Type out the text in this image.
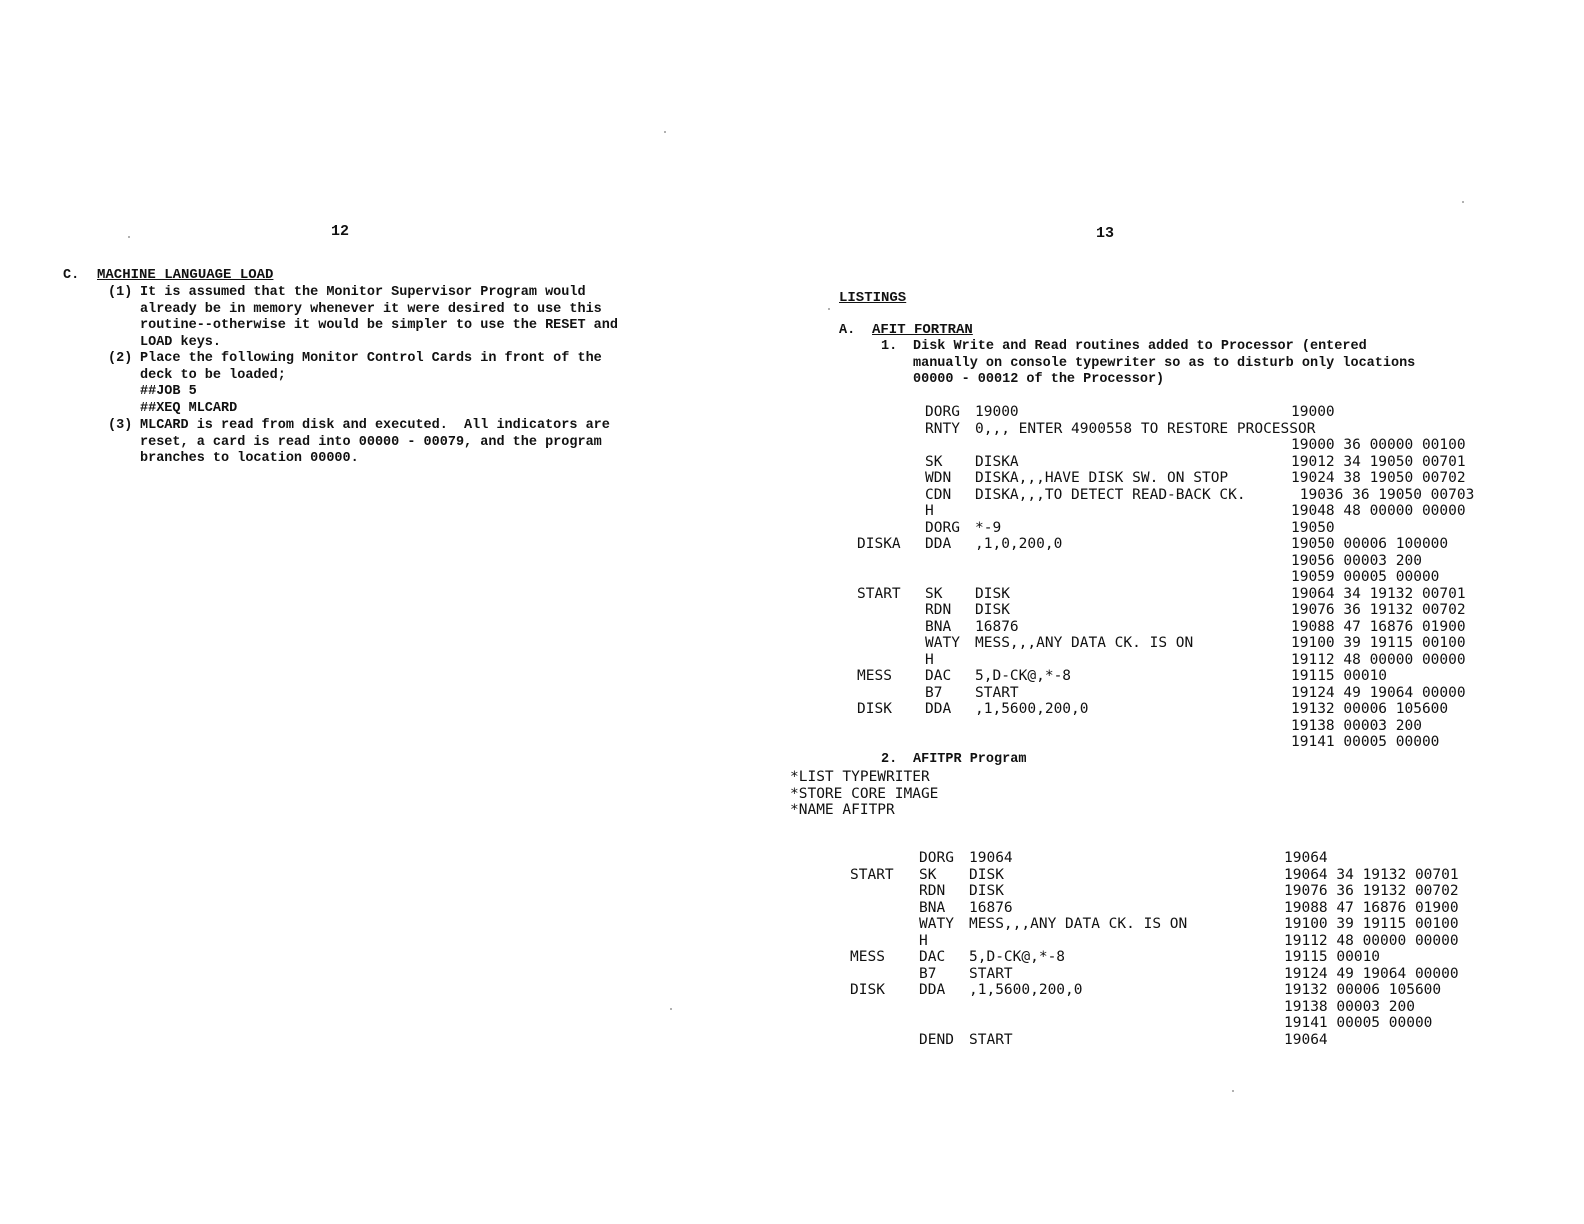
12
C. MACHINE LANGUAGE LOAD
(1) It is assumed that the Monitor Supervisor Program would
already be in memory whenever it were desired to use this
routine--otherwise it would be simpler to use the RESET and
LOAD keys.
(2) Place the following Monitor Control Cards in front of the
deck to be loaded;
##JOB 5
##XEQ MLCARD
(3) MLCARD is read from disk and executed.  All indicators are
reset, a card is read into 00000 - 00079, and the program
branches to location 00000.
13
LISTINGS
A. AFIT FORTRAN
1. Disk Write and Read routines added to Processor (entered
manually on console typewriter so as to disturb only locations
00000 - 00012 of the Processor)
DORG 19000	19000
RNTY 0,,, ENTER 4900558 TO RESTORE PROCESSOR
19000 36 00000 00100
SK DISKA	19012 34 19050 00701
WDN DISKA,,,HAVE DISK SW. ON STOP	19024 38 19050 00702
CDN DISKA,,,TO DETECT READ-BACK CK.	19036 36 19050 00703
H	19048 48 00000 00000
DORG *-9	19050
DISKA DDA ,1,0,200,0	19050 00006 100000
19056 00003 200
19059 00005 00000
START SK DISK	19064 34 19132 00701
RDN DISK	19076 36 19132 00702
BNA 16876	19088 47 16876 01900
WATY MESS,,,ANY DATA CK. IS ON	19100 39 19115 00100
H	19112 48 00000 00000
MESS DAC 5,D-CK@,*-8	19115 00010
B7 START	19124 49 19064 00000
DISK DDA ,1,5600,200,0	19132 00006 105600
19138 00003 200
19141 00005 00000
2. AFITPR Program
*LIST TYPEWRITER
*STORE CORE IMAGE
*NAME AFITPR
DORG 19064	19064
START SK DISK	19064 34 19132 00701
RDN DISK	19076 36 19132 00702
BNA 16876	19088 47 16876 01900
WATY MESS,,,ANY DATA CK. IS ON	19100 39 19115 00100
H	19112 48 00000 00000
MESS DAC 5,D-CK@,*-8	19115 00010
B7 START	19124 49 19064 00000
DISK DDA ,1,5600,200,0	19132 00006 105600
19138 00003 200
19141 00005 00000
DEND START	19064
